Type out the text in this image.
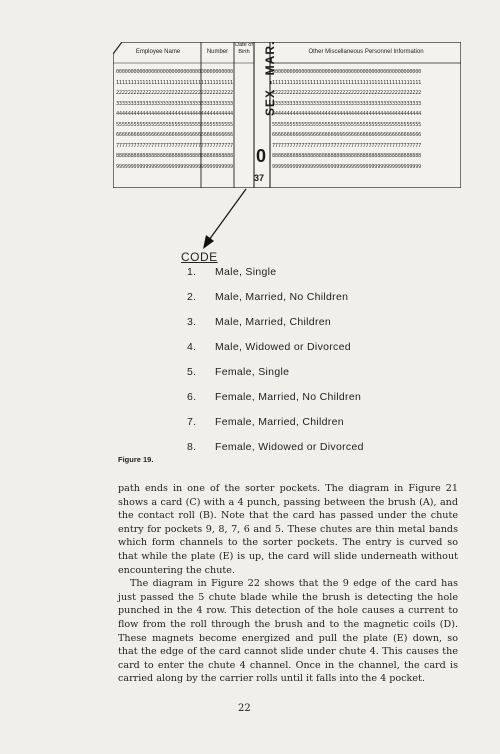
Employee Name	Number
Date of Birth	Other Miscellaneous Personnel Information
0000000000000000000000000000000000000000
1111111111111111111111111111111111111111
2222222222222222222222222222222222222222
3333333333333333333333333333333333333333
4444444444444444444444444444444444444444
5555555555555555555555555555555555555555
6666666666666666666666666666666666666666
7777777777777777777777777777777777777777
8888888888888888888888888888888888888888
9999999999999999999999999999999999999999
000000000000000000000000000000000000000000000000000
111111111111111111111111111111111111111111111111111
222222222222222222222222222222222222222222222222222
333333333333333333333333333333333333333333333333333
444444444444444444444444444444444444444444444444444
555555555555555555555555555555555555555555555555555
666666666666666666666666666666666666666666666666666
777777777777777777777777777777777777777777777777777
888888888888888888888888888888888888888888888888888
999999999999999999999999999999999999999999999999999
SEX - MAR.
0
37
CODE
1.	Male, Single
2.	Male, Married, No Children
3.	Male, Married, Children
4.	Male, Widowed or Divorced
5.	Female, Single
6.	Female, Married, No Children
7.	Female, Married, Children
8.	Female, Widowed or Divorced
Figure 19.

path ends in one of the sorter pockets. The diagram in Figure 21 shows a card (C) with a 4 punch, passing between the brush (A), and the contact roll (B). Note that the card has passed under the chute entry for pockets 9, 8, 7, 6 and 5. These chutes are thin metal bands which form channels to the sorter pockets. The entry is curved so that while the plate (E) is up, the card will slide underneath without encountering the chute.

The diagram in Figure 22 shows that the 9 edge of the card has just passed the 5 chute blade while the brush is detecting the hole punched in the 4 row. This detection of the hole causes a current to flow from the roll through the brush and to the magnetic coils (D). These magnets become energized and pull the plate (E) down, so that the edge of the card cannot slide under chute 4. This causes the card to enter the chute 4 channel. Once in the channel, the card is carried along by the carrier rolls until it falls into the 4 pocket.

22
